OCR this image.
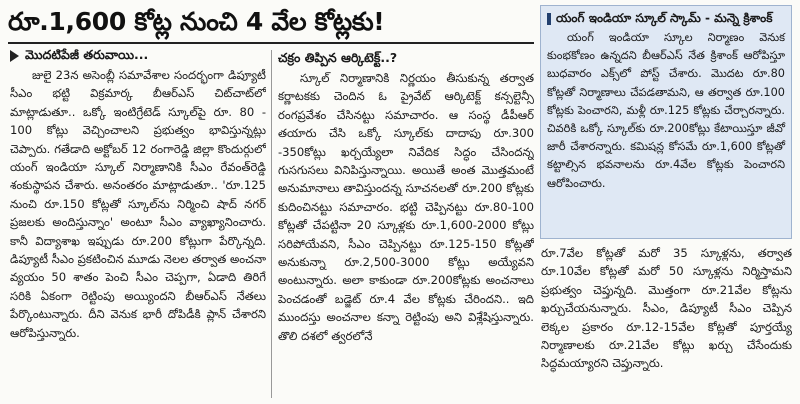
రూ.1,600 కోట్ల నుంచి 4 వేల కోట్లకు!
మొదటిపేజీ తరువాయి...

జులై 23న అసెంబ్లీ సమావేశాల సందర్భంగా డిప్యూటీ సీఎం భట్టి విక్రమార్క బీఆర్‌ఎస్ చిట్‌చాట్‌లో మాట్లాడుతూ.. ఒక్కో ఇంటిగ్రేటెడ్ స్కూల్‌పై రూ. 80 - 100 కోట్లు వెచ్చించాలని ప్రభుత్వం భావిస్తున్నట్లు చెప్పారు. గతేడాది అక్టోబర్ 12 రంగారెడ్డి జిల్లా కొందుర్గులో యంగ్ ఇండియా స్కూల్ నిర్మాణానికి సీఎం రేవంత్‌రెడ్డి శంకుస్థాపన చేశారు. అనంతరం మాట్లాడుతూ.. 'రూ.125 నుంచి రూ.150 కోట్లతో స్కూల్‌ను నిర్మించి షాద్ నగర్ ప్రజలకు అందిస్తున్నాం' అంటూ సీఎం వ్యాఖ్యానించారు. కానీ విద్యాశాఖ ఇప్పుడు రూ.200 కోట్లుగా పేర్కొన్నది. డిప్యూటీ సీఎం ప్రకటించిన మూడు నెలల తర్వాత అంచనా వ్యయం 50 శాతం పెంచి సీఎం చెప్పగా, ఏడాది తిరిగే సరికి ఏకంగా రెట్టింపు అయ్యిందని బీఆర్‌ఎస్ నేతలు పేర్కొంటున్నారు. దీని వెనుక భారీ దోపిడీకి ప్లాన్ చేశారని ఆరోపిస్తున్నారు.

చక్రం తిప్పిన ఆర్కిటెక్ట్..?

స్కూల్ నిర్మాణానికి నిర్ణయం తీసుకున్న తర్వాత కర్ణాటకకు చెందిన ఓ ప్రైవేట్ ఆర్కిటెక్ట్ కన్సల్టెన్సీ రంగప్రవేశం చేసినట్టు సమాచారం. ఆ సంస్థ డీపీఆర్ తయారు చేసి ఒక్కో స్కూల్‌కు దాదాపు రూ.300 -350కోట్లు ఖర్చయ్యేలా నివేదిక సిద్ధం చేసిందన్న గుసగుసలు వినిపిస్తున్నాయి. అయితే అంత మొత్తమంటే అనుమానాలు తావిస్తుందన్న సూచనలతో రూ.200 కోట్లకు కుదించినట్టు సమాచారం. భట్టి చెప్పినట్టు రూ.80-100 కోట్లతో చేపట్టినా 20 స్కూళ్లకు రూ.1,600-2000 కోట్లు సరిపోయేవని, సీఎం చెప్పినట్టు రూ.125-150 కోట్లతో అనుకున్నా రూ.2,500-3000 కోట్లు అయ్యేవని అంటున్నారు. అలా కాకుండా రూ.200కోట్లకు అంచనాలు పెంచడంతో బడ్జెట్ రూ.4 వేల కోట్లకు చేరిందని.. ఇది ముందస్తు అంచనాల కన్నా రెట్టింపు అని విశ్లేషిస్తున్నారు. తొలి దశలో త్వరలోనే

యంగ్ ఇండియా స్కూల్ స్కామ్ - మన్నె క్రిశాంక్

యంగ్ ఇండియా స్కూల నిర్మాణం వెనుక కుంభకోణం ఉన్నదని బీఆర్‌ఎస్ నేత క్రిశాంక్ ఆరోపిస్తూ బుధవారం ఎక్స్‌లో పోస్ట్ చేశారు. మొదట రూ.80 కోట్లతో నిర్మాణాలు చేపడతామని, ఆ తర్వాత రూ.100 కోట్లకు పెంచారని, మళ్లీ రూ.125 కోట్లకు చేర్చారన్నారు. చివరికి ఒక్కో స్కూల్‌కు రూ.200కోట్లు కేటాయిస్తూ జీవో జారీ చేశారన్నారు. కమిషన్ల కోసమే రూ.1,600 కోట్లతో కట్టాల్సిన భవనాలను రూ.4వేల కోట్లకు పెంచారని ఆరోపించారు.

రూ.7వేల కోట్లతో మరో 35 స్కూళ్లను, తర్వాత రూ.10వేల కోట్లతో మరో 50 స్కూళ్లను నిర్మిస్తామని ప్రభుత్వం చెప్తున్నది. మొత్తంగా రూ.21వేల కోట్లను ఖర్చుచేయనున్నారు. సీఎం, డిప్యూటీ సీఎం చెప్పిన లెక్కల ప్రకారం రూ.12-15వేల కోట్లతో పూర్తయ్యే నిర్మాణాలకు రూ.21వేల కోట్లు ఖర్చు చేసేందుకు సిద్ధమయ్యారని చెప్తున్నారు.
